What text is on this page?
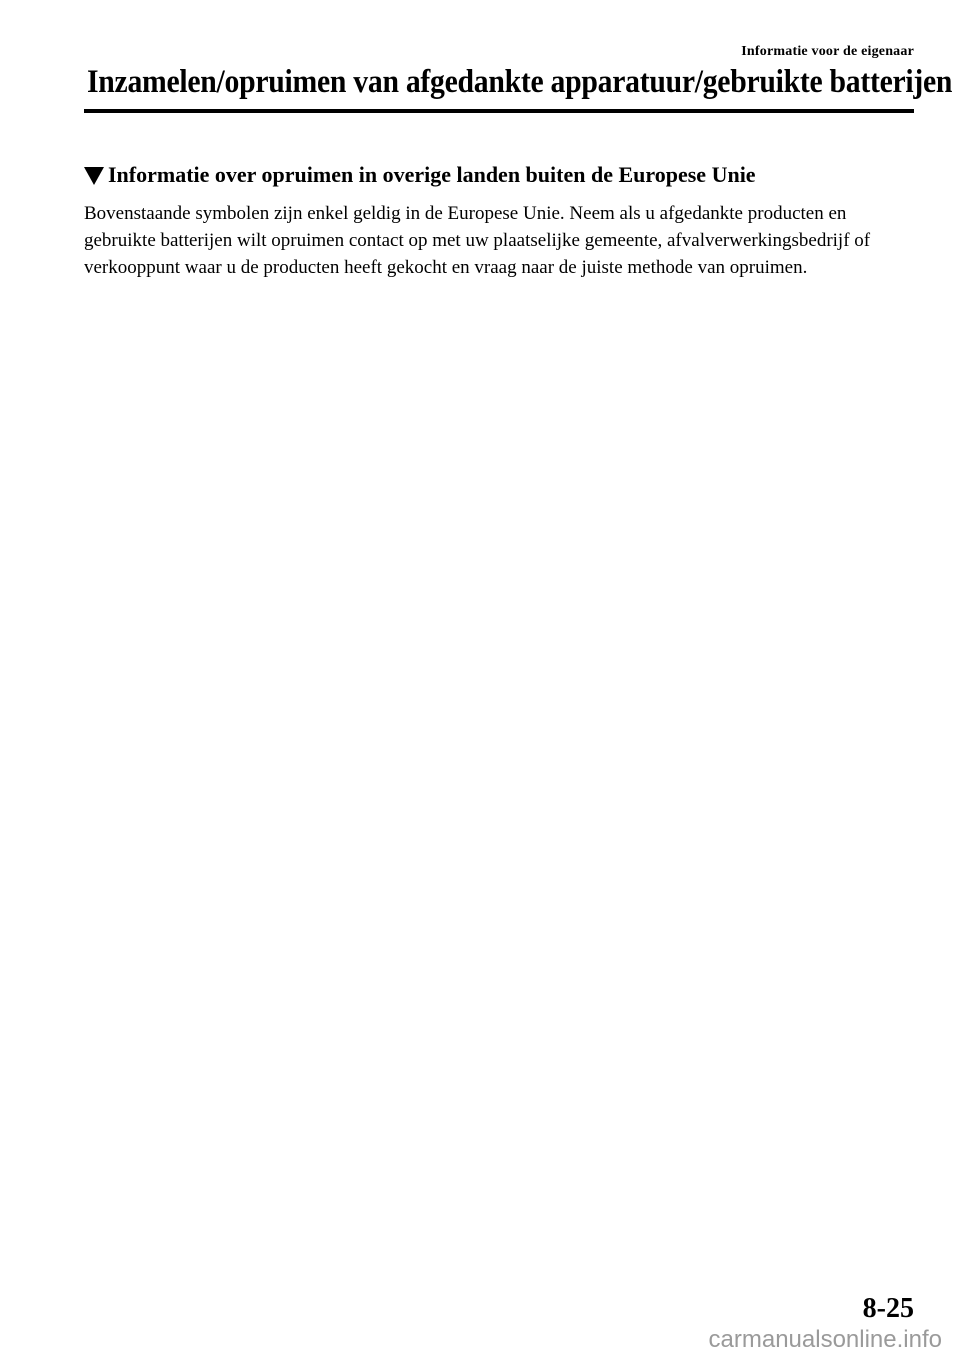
Informatie voor de eigenaar
Inzamelen/opruimen van afgedankte apparatuur/gebruikte batterijen
Informatie over opruimen in overige landen buiten de Europese Unie
Bovenstaande symbolen zijn enkel geldig in de Europese Unie. Neem als u afgedankte producten en gebruikte batterijen wilt opruimen contact op met uw plaatselijke gemeente, afvalverwerkingsbedrijf of verkooppunt waar u de producten heeft gekocht en vraag naar de juiste methode van opruimen.
8-25
carmanualsonline.info
